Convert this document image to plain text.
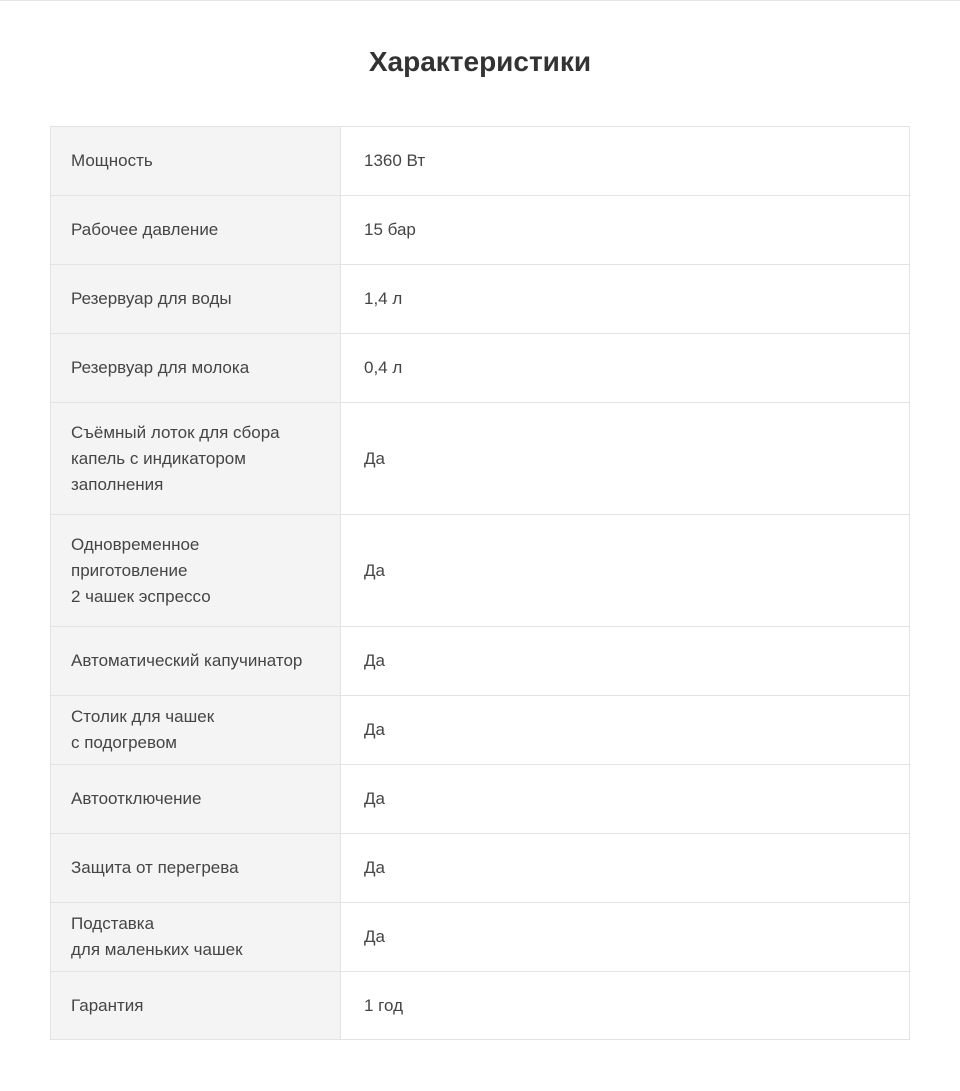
Характеристики
Мощность	1360 Вт

Рабочее давление	15 бар

Резервуар для воды	1,4 л

Резервуар для молока	0,4 л

Съёмный лоток для сбора
капель с индикатором
заполнения	Да

Одновременное
приготовление
2 чашек эспрессо	Да

Автоматический капучинатор	Да

Столик для чашек
с подогревом	Да

Автоотключение	Да

Защита от перегрева	Да

Подставка
для маленьких чашек	Да

Гарантия	1 год
